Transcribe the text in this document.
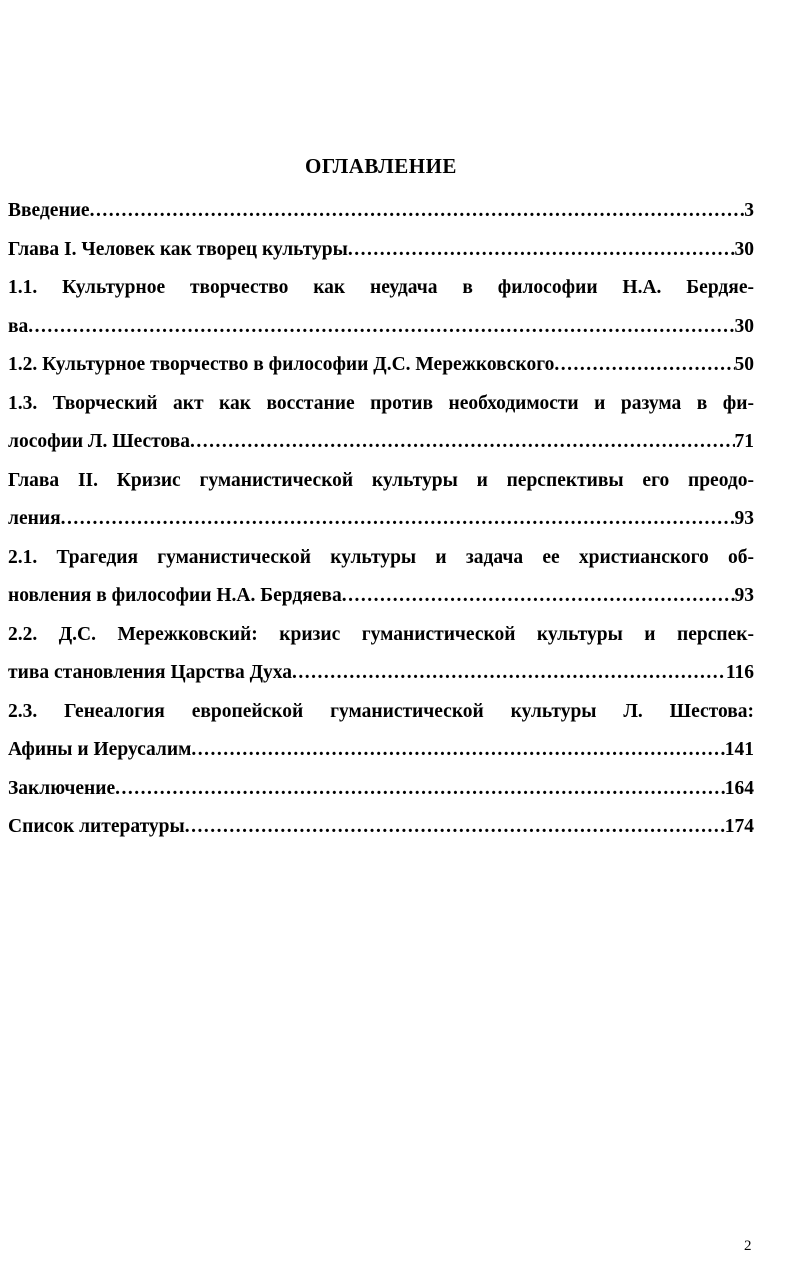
ОГЛАВЛЕНИЕ
Введение .....	3
Глава I. Человек как творец культуры .....	30
1.1. Культурное творчество как неудача в философии Н.А. Бердяе-
ва .....	30
1.2. Культурное творчество в философии Д.С. Мережковского .....	50
1.3. Творческий акт как восстание против необходимости и разума в фи-
лософии Л. Шестова .....	71
Глава II. Кризис гуманистической культуры и перспективы его преодо-
ления .....	93
2.1. Трагедия гуманистической культуры и задача ее христианского об-
новления в философии Н.А. Бердяева .....	93
2.2. Д.С. Мережковский: кризис гуманистической культуры и перспек-
тива становления Царства Духа .....	116
2.3. Генеалогия европейской гуманистической культуры Л. Шестова:
Афины и Иерусалим .....	141
Заключение .....	164
Список литературы .....	174
2
